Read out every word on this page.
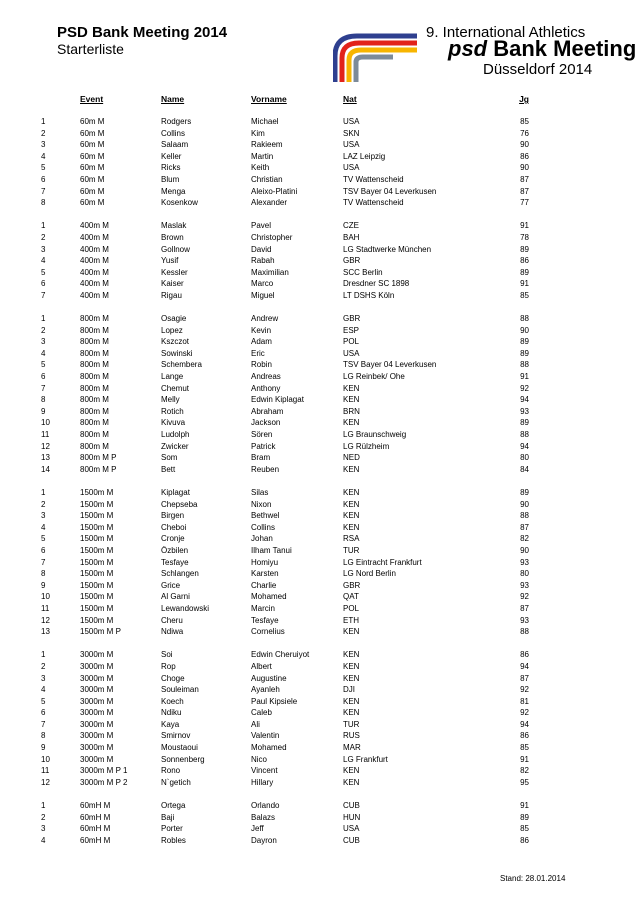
PSD Bank Meeting 2014
Starterliste
9. International Athletics
psd Bank Meeting
Düsseldorf 2014
Event	Name	Vorname	Nat	Jg
1	60m M	Rodgers	Michael	USA	85
2	60m M	Collins	Kim	SKN	76
3	60m M	Salaam	Rakieem	USA	90
4	60m M	Keller	Martin	LAZ Leipzig	86
5	60m M	Ricks	Keith	USA	90
6	60m M	Blum	Christian	TV Wattenscheid	87
7	60m M	Menga	Aleixo-Platini	TSV Bayer 04 Leverkusen	87
8	60m M	Kosenkow	Alexander	TV Wattenscheid	77
1	400m M	Maslak	Pavel	CZE	91
2	400m M	Brown	Christopher	BAH	78
3	400m M	Gollnow	David	LG Stadtwerke München	89
4	400m M	Yusif	Rabah	GBR	86
5	400m M	Kessler	Maximilian	SCC Berlin	89
6	400m M	Kaiser	Marco	Dresdner SC 1898	91
7	400m M	Rigau	Miguel	LT DSHS Köln	85
1	800m M	Osagie	Andrew	GBR	88
2	800m M	Lopez	Kevin	ESP	90
3	800m M	Kszczot	Adam	POL	89
4	800m M	Sowinski	Eric	USA	89
5	800m M	Schembera	Robin	TSV Bayer 04 Leverkusen	88
6	800m M	Lange	Andreas	LG Reinbek/ Ohe	91
7	800m M	Chemut	Anthony	KEN	92
8	800m M	Melly	Edwin Kiplagat	KEN	94
9	800m M	Rotich	Abraham	BRN	93
10	800m M	Kivuva	Jackson	KEN	89
11	800m M	Ludolph	Sören	LG Braunschweig	88
12	800m M	Zwicker	Patrick	LG Rülzheim	94
13	800m M P	Som	Bram	NED	80
14	800m M P	Bett	Reuben	KEN	84
1	1500m M	Kiplagat	Silas	KEN	89
2	1500m M	Chepseba	Nixon	KEN	90
3	1500m M	Birgen	Bethwel	KEN	88
4	1500m M	Cheboi	Collins	KEN	87
5	1500m M	Cronje	Johan	RSA	82
6	1500m M	Özbilen	Ilham Tanui	TUR	90
7	1500m M	Tesfaye	Homiyu	LG Eintracht Frankfurt	93
8	1500m M	Schlangen	Karsten	LG Nord Berlin	80
9	1500m M	Grice	Charlie	GBR	93
10	1500m M	Al Garni	Mohamed	QAT	92
11	1500m M	Lewandowski	Marcin	POL	87
12	1500m M	Cheru	Tesfaye	ETH	93
13	1500m M P	Ndiwa	Cornelius	KEN	88
1	3000m M	Soi	Edwin Cheruiyot	KEN	86
2	3000m M	Rop	Albert	KEN	94
3	3000m M	Choge	Augustine	KEN	87
4	3000m M	Souleiman	Ayanleh	DJI	92
5	3000m M	Koech	Paul Kipsiele	KEN	81
6	3000m M	Ndiku	Caleb	KEN	92
7	3000m M	Kaya	Ali	TUR	94
8	3000m M	Smirnov	Valentin	RUS	86
9	3000m M	Moustaoui	Mohamed	MAR	85
10	3000m M	Sonnenberg	Nico	LG Frankfurt	91
11	3000m M P 1	Rono	Vincent	KEN	82
12	3000m M P 2	N`getich	Hillary	KEN	95
1	60mH M	Ortega	Orlando	CUB	91
2	60mH M	Baji	Balazs	HUN	89
3	60mH M	Porter	Jeff	USA	85
4	60mH M	Robles	Dayron	CUB	86
Stand: 28.01.2014
